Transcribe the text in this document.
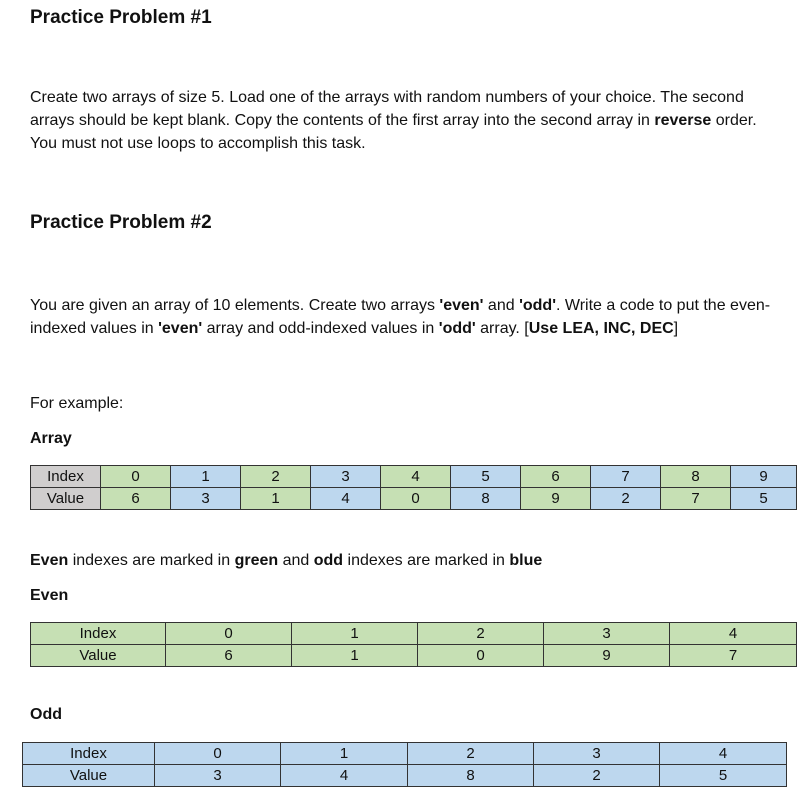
Practice Problem #1
Create two arrays of size 5. Load one of the arrays with random numbers of your choice. The second
arrays should be kept blank. Copy the contents of the first array into the second array in reverse order.
You must not use loops to accomplish this task.
Practice Problem #2
You are given an array of 10 elements. Create two arrays 'even' and 'odd'. Write a code to put the even-
indexed values in 'even' array and odd-indexed values in 'odd' array. [Use LEA, INC, DEC]
For example:
Array
Index	0	1	2	3	4	5	6	7	8	9
Value	6	3	1	4	0	8	9	2	7	5
Even indexes are marked in green and odd indexes are marked in blue
Even
Index	0	1	2	3	4
Value	6	1	0	9	7
Odd
Index	0	1	2	3	4
Value	3	4	8	2	5
